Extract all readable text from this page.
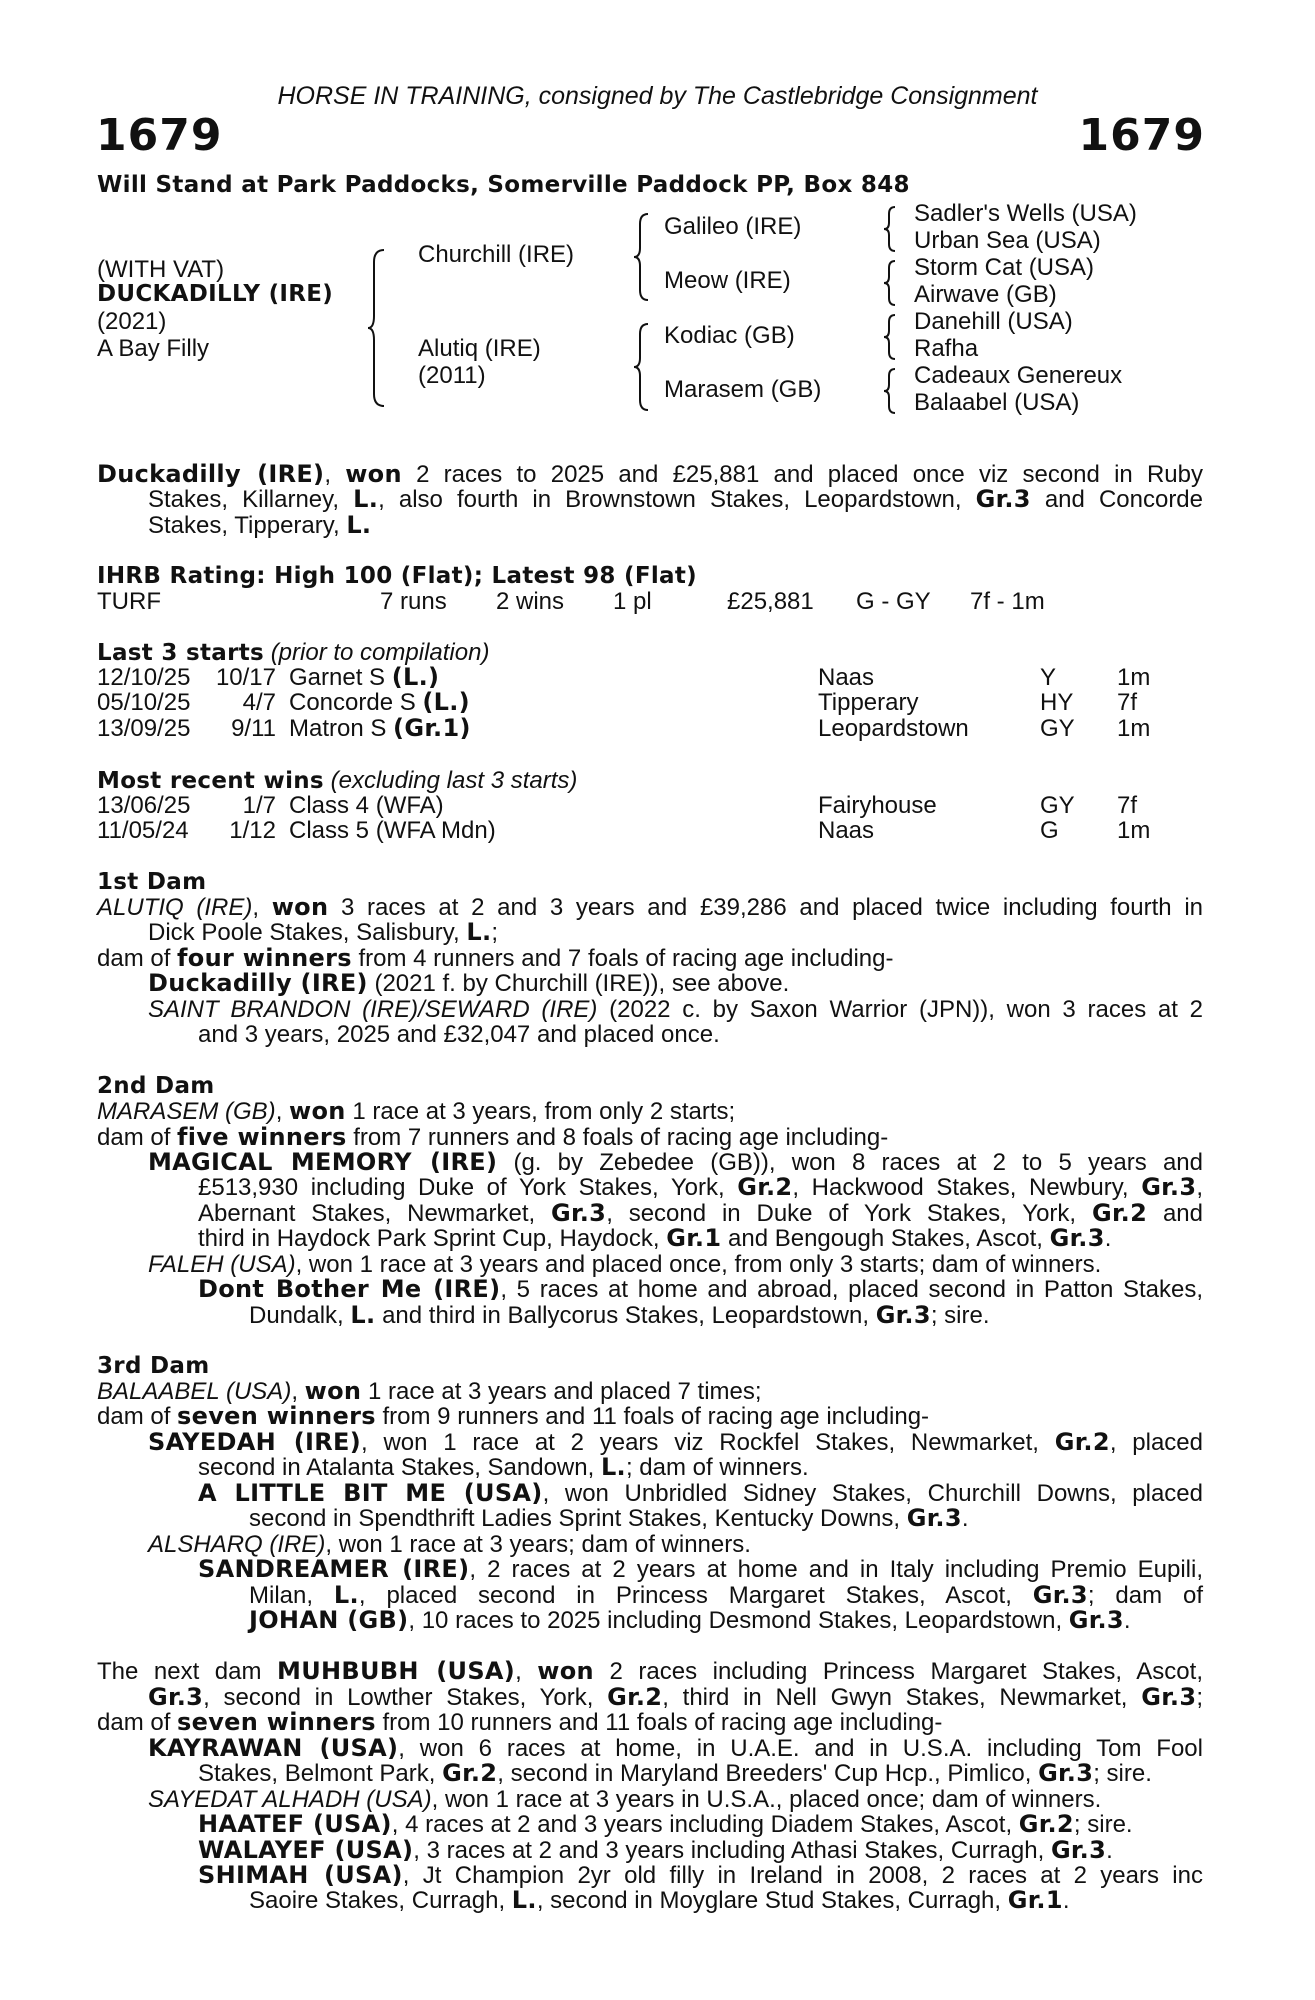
HORSE IN TRAINING, consigned by The Castlebridge Consignment
1679	1679
Will Stand at Park Paddocks, Somerville Paddock PP, Box 848
(WITH VAT)
DUCKADILLY (IRE)
(2021)
A Bay Filly
Churchill (IRE)
Alutiq (IRE)
(2011)
Galileo (IRE)
Meow (IRE)
Kodiac (GB)
Marasem (GB)
Sadler's Wells (USA)
Urban Sea (USA)
Storm Cat (USA)
Airwave (GB)
Danehill (USA)
Rafha
Cadeaux Genereux
Balaabel (USA)
Duckadilly (IRE), won 2 races to 2025 and £25,881 and placed once viz second in Ruby
Stakes, Killarney, L., also fourth in Brownstown Stakes, Leopardstown, Gr.3 and Concorde
Stakes, Tipperary, L.
IHRB Rating: High 100 (Flat); Latest 98 (Flat)
TURF	7 runs 2 wins 1 pl	£25,881 G - GY 7f - 1m
Last 3 starts (prior to compilation)
12/10/25	10/17 Garnet S (L.)	Naas	Y	1m
05/10/25	4/7 Concorde S (L.)	Tipperary	HY 7f
13/09/25	9/11 Matron S (Gr.1)	Leopardstown	GY 1m
Most recent wins (excluding last 3 starts)
13/06/25	1/7 Class 4 (WFA)	Fairyhouse	GY 7f
11/05/24	1/12 Class 5 (WFA Mdn)	Naas	G 1m
1st Dam
ALUTIQ (IRE), won 3 races at 2 and 3 years and £39,286 and placed twice including fourth in
Dick Poole Stakes, Salisbury, L.;
dam of four winners from 4 runners and 7 foals of racing age including-
Duckadilly (IRE) (2021 f. by Churchill (IRE)), see above.
SAINT BRANDON (IRE)/SEWARD (IRE) (2022 c. by Saxon Warrior (JPN)), won 3 races at 2
and 3 years, 2025 and £32,047 and placed once.
2nd Dam
MARASEM (GB), won 1 race at 3 years, from only 2 starts;
dam of five winners from 7 runners and 8 foals of racing age including-
MAGICAL MEMORY (IRE) (g. by Zebedee (GB)), won 8 races at 2 to 5 years and
£513,930 including Duke of York Stakes, York, Gr.2, Hackwood Stakes, Newbury, Gr.3,
Abernant Stakes, Newmarket, Gr.3, second in Duke of York Stakes, York, Gr.2 and
third in Haydock Park Sprint Cup, Haydock, Gr.1 and Bengough Stakes, Ascot, Gr.3.
FALEH (USA), won 1 race at 3 years and placed once, from only 3 starts; dam of winners.
Dont Bother Me (IRE), 5 races at home and abroad, placed second in Patton Stakes,
Dundalk, L. and third in Ballycorus Stakes, Leopardstown, Gr.3; sire.
3rd Dam
BALAABEL (USA), won 1 race at 3 years and placed 7 times;
dam of seven winners from 9 runners and 11 foals of racing age including-
SAYEDAH (IRE), won 1 race at 2 years viz Rockfel Stakes, Newmarket, Gr.2, placed
second in Atalanta Stakes, Sandown, L.; dam of winners.
A LITTLE BIT ME (USA), won Unbridled Sidney Stakes, Churchill Downs, placed
second in Spendthrift Ladies Sprint Stakes, Kentucky Downs, Gr.3.
ALSHARQ (IRE), won 1 race at 3 years; dam of winners.
SANDREAMER (IRE), 2 races at 2 years at home and in Italy including Premio Eupili,
Milan, L., placed second in Princess Margaret Stakes, Ascot, Gr.3; dam of
JOHAN (GB), 10 races to 2025 including Desmond Stakes, Leopardstown, Gr.3.
The next dam MUHBUBH (USA), won 2 races including Princess Margaret Stakes, Ascot,
Gr.3, second in Lowther Stakes, York, Gr.2, third in Nell Gwyn Stakes, Newmarket, Gr.3;
dam of seven winners from 10 runners and 11 foals of racing age including-
KAYRAWAN (USA), won 6 races at home, in U.A.E. and in U.S.A. including Tom Fool
Stakes, Belmont Park, Gr.2, second in Maryland Breeders' Cup Hcp., Pimlico, Gr.3; sire.
SAYEDAT ALHADH (USA), won 1 race at 3 years in U.S.A., placed once; dam of winners.
HAATEF (USA), 4 races at 2 and 3 years including Diadem Stakes, Ascot, Gr.2; sire.
WALAYEF (USA), 3 races at 2 and 3 years including Athasi Stakes, Curragh, Gr.3.
SHIMAH (USA), Jt Champion 2yr old filly in Ireland in 2008, 2 races at 2 years inc
Saoire Stakes, Curragh, L., second in Moyglare Stud Stakes, Curragh, Gr.1.
